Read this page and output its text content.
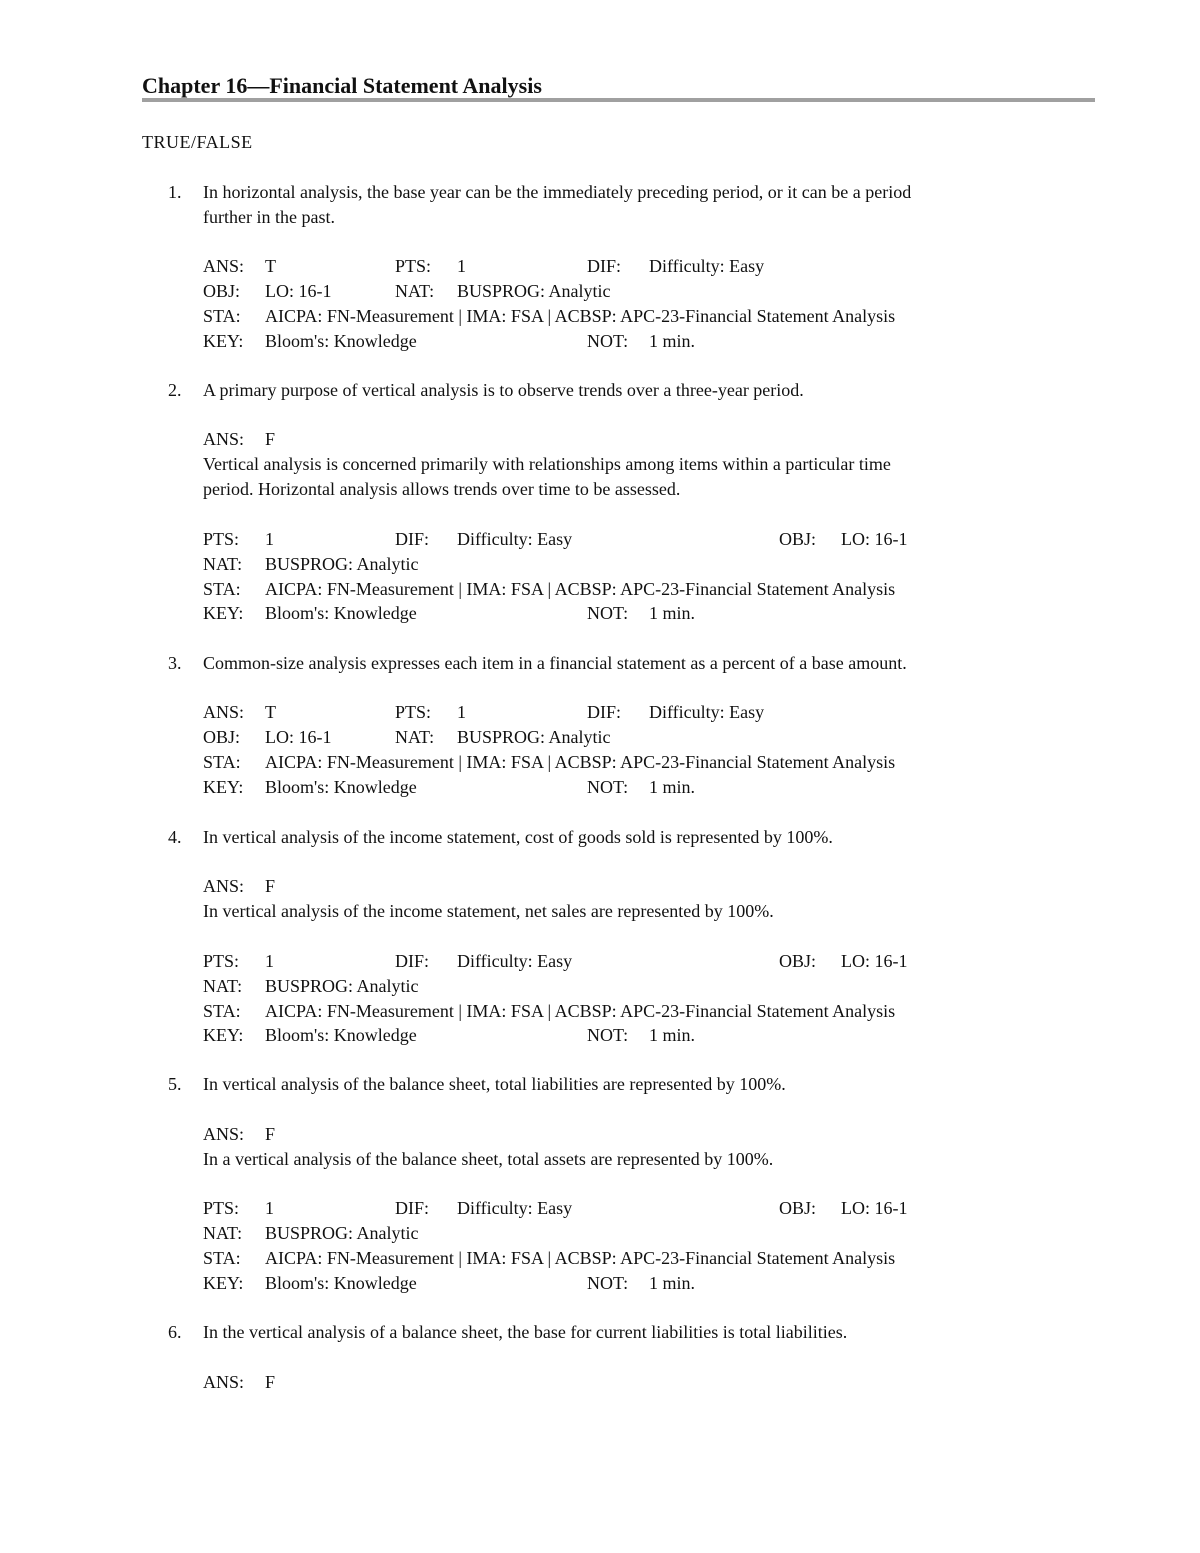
Chapter 16—Financial Statement Analysis
TRUE/FALSE
1. In horizontal analysis, the base year can be the immediately preceding period, or it can be a period

further in the past.

ANS: T	PTS: 1	DIF: Difficulty: Easy
OBJ: LO: 16-1	NAT: BUSPROG: Analytic
STA: AICPA: FN-Measurement | IMA: FSA | ACBSP: APC-23-Financial Statement Analysis
KEY: Bloom's: Knowledge	NOT: 1 min.
2. A primary purpose of vertical analysis is to observe trends over a three-year period.

ANS: F
Vertical analysis is concerned primarily with relationships among items within a particular time
period. Horizontal analysis allows trends over time to be assessed.
PTS: 1	DIF: Difficulty: Easy	OBJ: LO: 16-1
NAT: BUSPROG: Analytic
STA: AICPA: FN-Measurement | IMA: FSA | ACBSP: APC-23-Financial Statement Analysis
KEY: Bloom's: Knowledge	NOT: 1 min.
3. Common-size analysis expresses each item in a financial statement as a percent of a base amount.

ANS: T	PTS: 1	DIF: Difficulty: Easy
OBJ: LO: 16-1	NAT: BUSPROG: Analytic
STA: AICPA: FN-Measurement | IMA: FSA | ACBSP: APC-23-Financial Statement Analysis
KEY: Bloom's: Knowledge	NOT: 1 min.
4. In vertical analysis of the income statement, cost of goods sold is represented by 100%.

ANS: F
In vertical analysis of the income statement, net sales are represented by 100%.
PTS: 1	DIF: Difficulty: Easy	OBJ: LO: 16-1
NAT: BUSPROG: Analytic
STA: AICPA: FN-Measurement | IMA: FSA | ACBSP: APC-23-Financial Statement Analysis
KEY: Bloom's: Knowledge	NOT: 1 min.
5. In vertical analysis of the balance sheet, total liabilities are represented by 100%.

ANS: F
In a vertical analysis of the balance sheet, total assets are represented by 100%.
PTS: 1	DIF: Difficulty: Easy	OBJ: LO: 16-1
NAT: BUSPROG: Analytic
STA: AICPA: FN-Measurement | IMA: FSA | ACBSP: APC-23-Financial Statement Analysis
KEY: Bloom's: Knowledge	NOT: 1 min.
6. In the vertical analysis of a balance sheet, the base for current liabilities is total liabilities.

ANS: F
